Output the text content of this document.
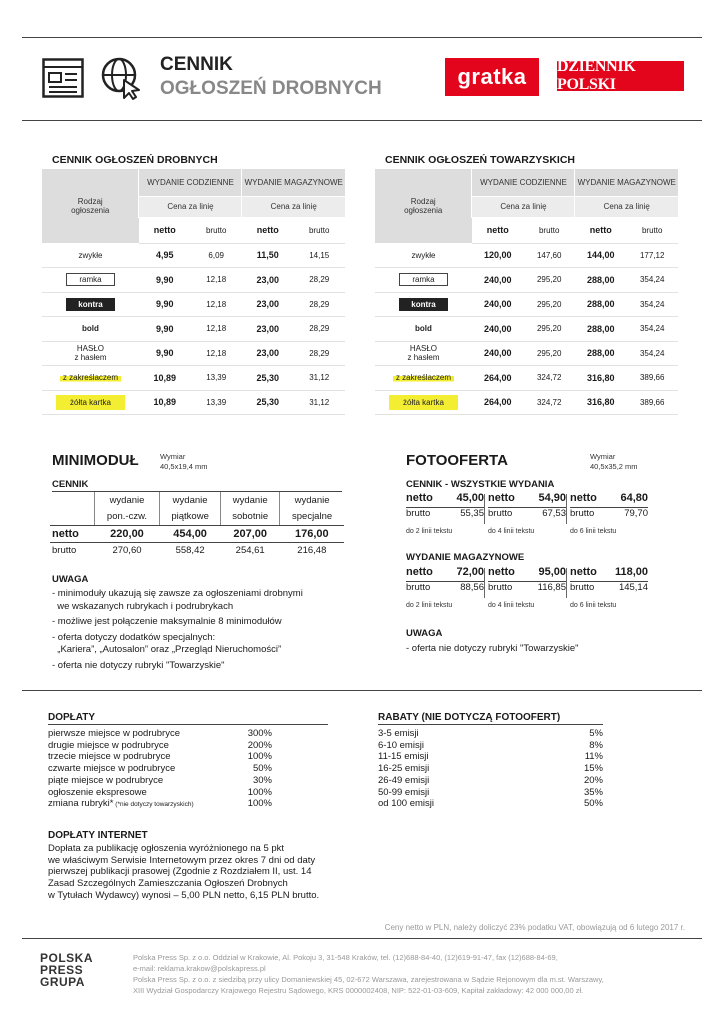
CENNIK
OGŁOSZEŃ DROBNYCH	gratka	DZIENNIK POLSKI
CENNIK OGŁOSZEŃ DROBNYCH
Rodzaj ogłoszenia	WYDANIE CODZIENNE		WYDANIE MAGAZYNOWE	
	Cena za linię		Cena za linię	
	netto	brutto	netto	brutto
zwykłe	4,95	6,09	11,50	14,15
ramka	9,90	12,18	23,00	28,29
kontra	9,90	12,18	23,00	28,29
bold	9,90	12,18	23,00	28,29
HASŁO
z hasłem	9,90	12,18	23,00	28,29
z zakreślaczem	10,89	13,39	25,30	31,12
żółta kartka	10,89	13,39	25,30	31,12
CENNIK OGŁOSZEŃ TOWARZYSKICH
Rodzaj ogłoszenia	WYDANIE CODZIENNE		WYDANIE MAGAZYNOWE	
	Cena za linię		Cena za linię	
	netto	brutto	netto	brutto
zwykłe	120,00	147,60	144,00	177,12
ramka	240,00	295,20	288,00	354,24
kontra	240,00	295,20	288,00	354,24
bold	240,00	295,20	288,00	354,24
HASŁO
z hasłem	240,00	295,20	288,00	354,24
z zakreślaczem	264,00	324,72	316,80	389,66
żółta kartka	264,00	324,72	316,80	389,66
MINIMODUŁ	Wymiar
40,5x19,4 mm
CENNIK
	wydanie	wydanie	wydanie	wydanie
	pon.-czw.	piątkowe	sobotnie	specjalne
netto	220,00	454,00	207,00	176,00
brutto	270,60	558,42	254,61	216,48
UWAGA
- minimoduły ukazują się zawsze za ogłoszeniami drobnymi
we wskazanych rubrykach i podrubrykach
- możliwe jest połączenie maksymalnie 8 minimodułów
- oferta dotyczy dodatków specjalnych:
„Kariera”, „Autosalon” oraz „Przegląd Nieruchomości”
- oferta nie dotyczy rubryki "Towarzyskie"
FOTOOFERTA	Wymiar
40,5x35,2 mm
CENNIK - WSZYSTKIE WYDANIA
netto 45,00
brutto	55,35
do 2 linii tekstu
netto 54,90
brutto	67,53
do 4 linii tekstu
netto 64,80
brutto	79,70
do 6 linii tekstu
WYDANIE MAGAZYNOWE
netto 72,00
brutto	88,56
do 2 linii tekstu
netto 95,00
brutto	116,85
do 4 linii tekstu
netto 118,00
brutto	145,14
do 6 linii tekstu
UWAGA
- oferta nie dotyczy rubryki "Towarzyskie"
DOPŁATY
pierwsze miejsce w podrubryce	300%
drugie miejsce w podrubryce	200%
trzecie miejsce w podrubryce	100%
czwarte miejsce w podrubryce	50%
piąte miejsce w podrubryce	30%
ogłoszenie ekspresowe	100%
zmiana rubryki* (*nie dotyczy towarzyskich)	100%
RABATY (NIE DOTYCZĄ FOTOOFERT)
3-5 emisji	5%
6-10 emisji	8%
11-15 emisji	11%
16-25 emisji	15%
26-49 emisji	20%
50-99 emisji	35%
od 100 emisji	50%
DOPŁATY INTERNET
Dopłata za publikację ogłoszenia wyróżnionego na 5 pkt
we właściwym Serwisie Internetowym przez okres 7 dni od daty
pierwszej publikacji prasowej (Zgodnie z Rozdziałem II, ust. 14
Zasad Szczególnych Zamieszczania Ogłoszeń Drobnych
w Tytułach Wydawcy) wynosi – 5,00 PLN netto, 6,15 PLN brutto.
Ceny netto w PLN, należy doliczyć 23% podatku VAT, obowiązują od 6 lutego 2017 r.
POLSKA
PRESS
GRUPA
Polska Press Sp. z o.o. Oddział w Krakowie, Al. Pokoju 3, 31-548 Kraków, tel. (12)688-84-40, (12)619-91-47, fax (12)688-84-69,
e-mail: reklama.krakow@polskapress.pl
Polska Press Sp. z o.o. z siedzibą przy ulicy Domaniewskiej 45, 02-672 Warszawa, zarejestrowana w Sądzie Rejonowym dla m.st. Warszawy,
XIII Wydział Gospodarczy Krajowego Rejestru Sądowego, KRS 0000002408, NIP: 522-01-03-609, Kapitał zakładowy: 42 000 000,00 zł.
